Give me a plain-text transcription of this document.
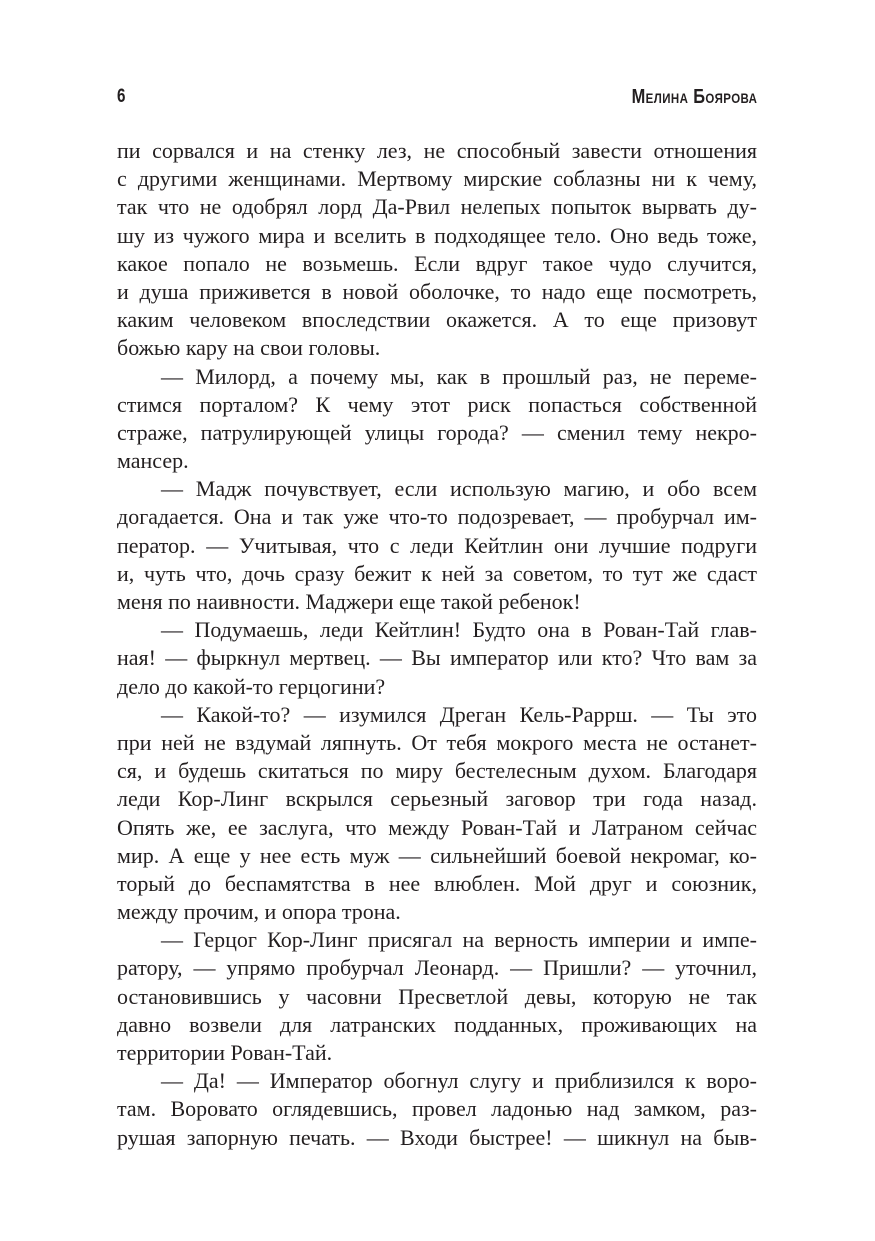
6	Мелина Боярова
пи сорвался и на стенку лез, не способный завести отношения
с другими женщинами. Мертвому мирские соблазны ни к чему,
так что не одобрял лорд Да-Рвил нелепых попыток вырвать ду-
шу из чужого мира и вселить в подходящее тело. Оно ведь тоже,
какое попало не возьмешь. Если вдруг такое чудо случится,
и душа приживется в новой оболочке, то надо еще посмотреть,
каким человеком впоследствии окажется. А то еще призовут
божью кару на свои головы.
— Милорд, а почему мы, как в прошлый раз, не переме-
стимся порталом? К чему этот риск попасться собственной
страже, патрулирующей улицы города? — сменил тему некро-
мансер.
— Мадж почувствует, если использую магию, и обо всем
догадается. Она и так уже что-то подозревает, — пробурчал им-
ператор. — Учитывая, что с леди Кейтлин они лучшие подруги
и, чуть что, дочь сразу бежит к ней за советом, то тут же сдаст
меня по наивности. Маджери еще такой ребенок!
— Подумаешь, леди Кейтлин! Будто она в Рован-Тай глав-
ная! — фыркнул мертвец. — Вы император или кто? Что вам за
дело до какой-то герцогини?
— Какой-то? — изумился Дреган Кель-Раррш. — Ты это
при ней не вздумай ляпнуть. От тебя мокрого места не останет-
ся, и будешь скитаться по миру бестелесным духом. Благодаря
леди Кор-Линг вскрылся серьезный заговор три года назад.
Опять же, ее заслуга, что между Рован-Тай и Латраном сейчас
мир. А еще у нее есть муж — сильнейший боевой некромаг, ко-
торый до беспамятства в нее влюблен. Мой друг и союзник,
между прочим, и опора трона.
— Герцог Кор-Линг присягал на верность империи и импе-
ратору, — упрямо пробурчал Леонард. — Пришли? — уточнил,
остановившись у часовни Пресветлой девы, которую не так
давно возвели для латранских подданных, проживающих на
территории Рован-Тай.
— Да! — Император обогнул слугу и приблизился к воро-
там. Воровато оглядевшись, провел ладонью над замком, раз-
рушая запорную печать. — Входи быстрее! — шикнул на быв-
